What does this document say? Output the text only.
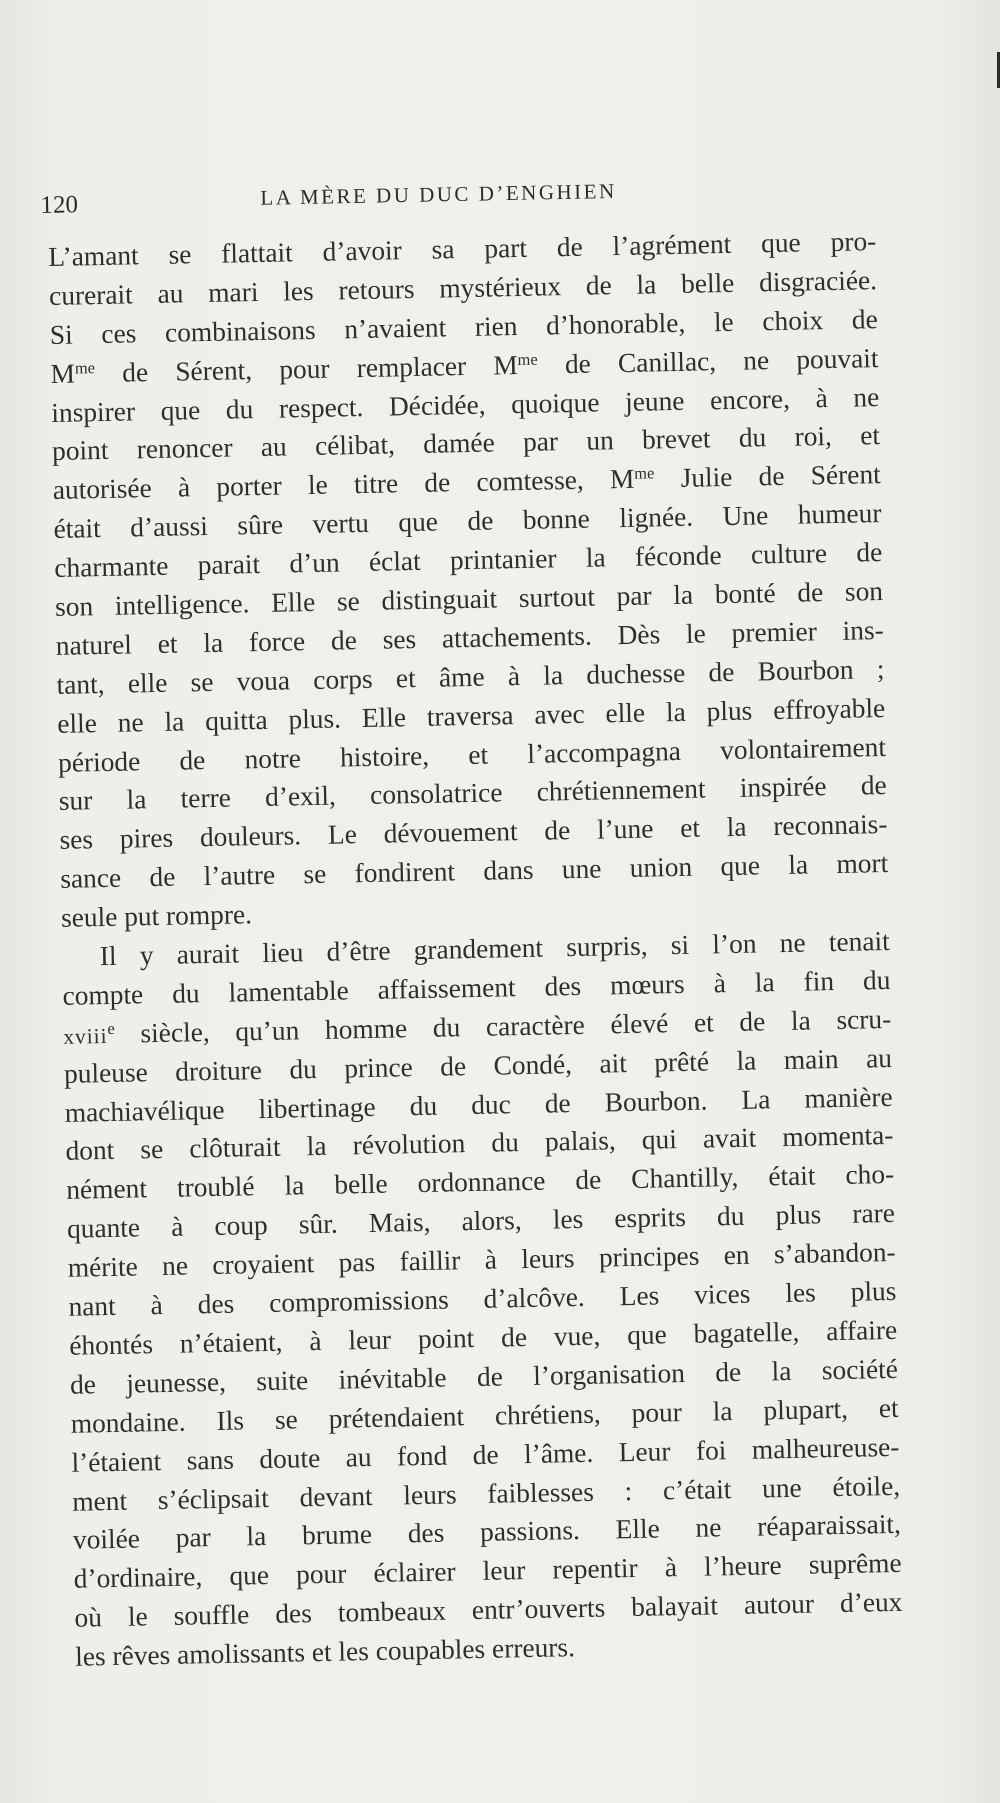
120	LA MÈRE DU DUC D’ENGHIEN
L’amant se flattait d’avoir sa part de l’agrément que pro-
curerait au mari les retours mystérieux de la belle disgraciée.
Si ces combinaisons n’avaient rien d’honorable, le choix de
$M^{me}$ de Sérent, pour remplacer $M^{me}$ de Canillac, ne pouvait
inspirer que du respect. Décidée, quoique jeune encore, à ne
point renoncer au célibat, damée par un brevet du roi, et
autorisée à porter le titre de comtesse, $M^{me}$ Julie de Sérent
était d’aussi sûre vertu que de bonne lignée. Une humeur
charmante parait d’un éclat printanier la féconde culture de
son intelligence. Elle se distinguait surtout par la bonté de son
naturel et la force de ses attachements. Dès le premier ins-
tant, elle se voua corps et âme à la duchesse de Bourbon ;
elle ne la quitta plus. Elle traversa avec elle la plus effroyable
période de notre histoire, et l’accompagna volontairement
sur la terre d’exil, consolatrice chrétiennement inspirée de
ses pires douleurs. Le dévouement de l’une et la reconnais-
sance de l’autre se fondirent dans une union que la mort
seule put rompre.
Il y aurait lieu d’être grandement surpris, si l’on ne tenait
compte du lamentable affaissement des mœurs à la fin du
xviii$^e$ siècle, qu’un homme du caractère élevé et de la scru-
puleuse droiture du prince de Condé, ait prêté la main au
machiavélique libertinage du duc de Bourbon. La manière
dont se clôturait la révolution du palais, qui avait momenta-
nément troublé la belle ordonnance de Chantilly, était cho-
quante à coup sûr. Mais, alors, les esprits du plus rare
mérite ne croyaient pas faillir à leurs principes en s’abandon-
nant à des compromissions d’alcôve. Les vices les plus
éhontés n’étaient, à leur point de vue, que bagatelle, affaire
de jeunesse, suite inévitable de l’organisation de la société
mondaine. Ils se prétendaient chrétiens, pour la plupart, et
l’étaient sans doute au fond de l’âme. Leur foi malheureuse-
ment s’éclipsait devant leurs faiblesses : c’était une étoile,
voilée par la brume des passions. Elle ne réaparaissait,
d’ordinaire, que pour éclairer leur repentir à l’heure suprême
où le souffle des tombeaux entr’ouverts balayait autour d’eux
les rêves amolissants et les coupables erreurs.
